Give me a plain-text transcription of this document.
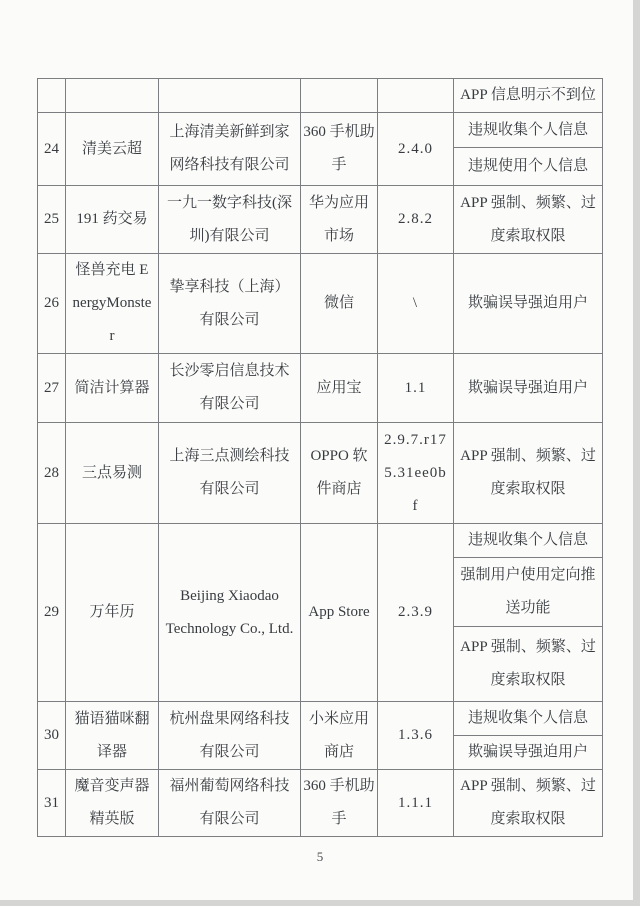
					APP 信息明示不到位
24	清美云超	上海清美新鲜到家网络科技有限公司	360 手机助手	2.4.0	违规收集个人信息
					违规使用个人信息
25	191 药交易	一九一数字科技(深圳)有限公司	华为应用市场	2.8.2	APP 强制、频繁、过度索取权限
26	怪兽充电 EnergyMonster	挚享科技（上海）有限公司	微信	\	欺骗误导强迫用户
27	简洁计算器	长沙零启信息技术有限公司	应用宝	1.1	欺骗误导强迫用户
28	三点易测	上海三点测绘科技有限公司	OPPO 软件商店	2.9.7.r175.31ee0bf	APP 强制、频繁、过度索取权限
29	万年历	Beijing Xiaodao Technology Co., Ltd.	App Store	2.3.9	违规收集个人信息
					强制用户使用定向推送功能
					APP 强制、频繁、过度索取权限
30	猫语猫咪翻译器	杭州盘果网络科技有限公司	小米应用商店	1.3.6	违规收集个人信息
					欺骗误导强迫用户
31	魔音变声器精英版	福州葡萄网络科技有限公司	360 手机助手	1.1.1	APP 强制、频繁、过度索取权限
5
